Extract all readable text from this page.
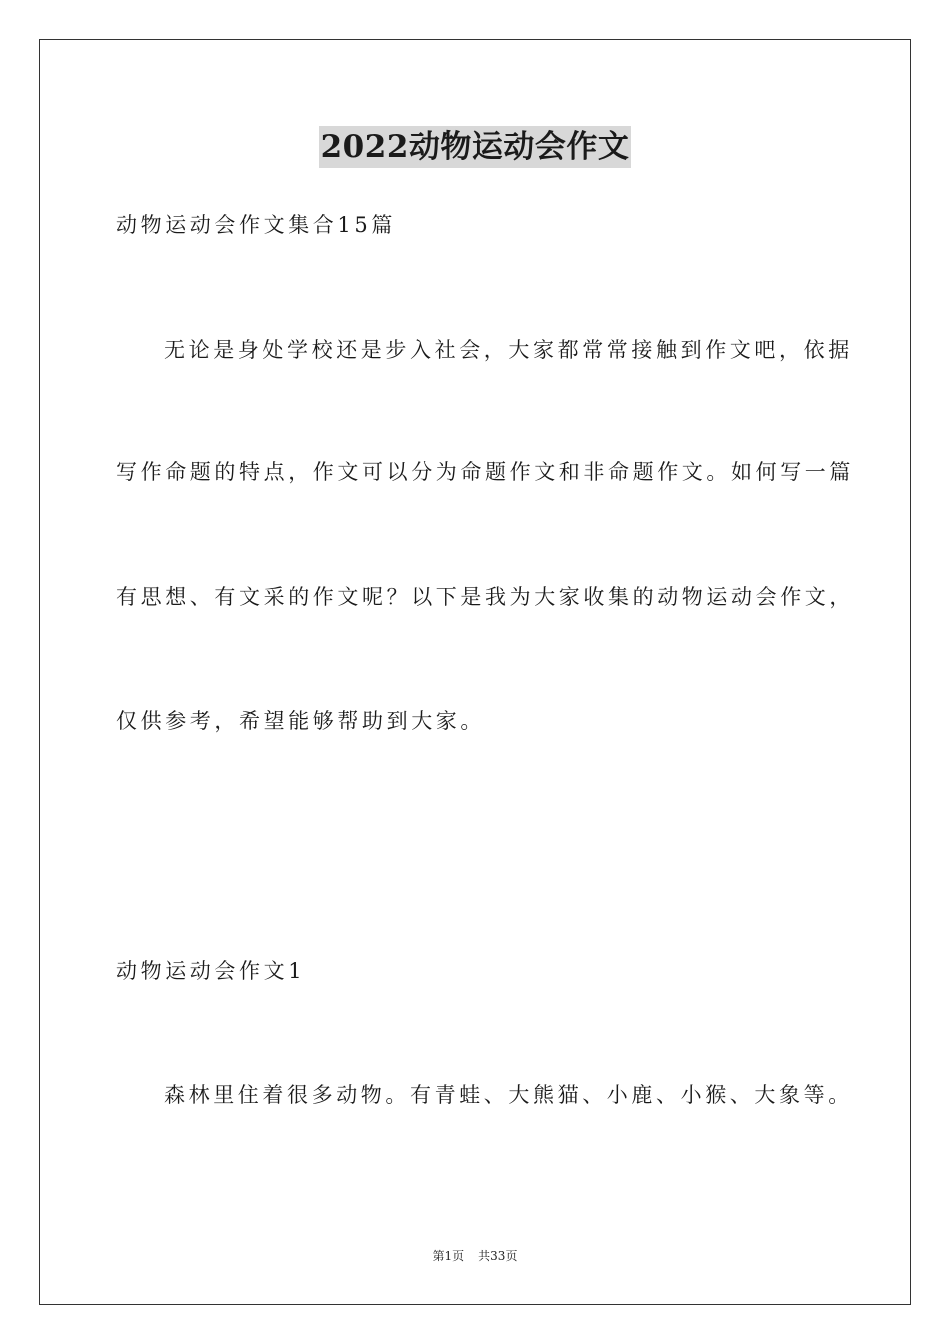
2022动物运动会作文
动物运动会作文集合15篇
无论是身处学校还是步入社会，大家都常常接触到作文吧，依据
写作命题的特点，作文可以分为命题作文和非命题作文。如何写一篇
有思想、有文采的作文呢？以下是我为大家收集的动物运动会作文，
仅供参考，希望能够帮助到大家。
动物运动会作文1
森林里住着很多动物。有青蛙、大熊猫、小鹿、小猴、大象等。
第1页 共33页
